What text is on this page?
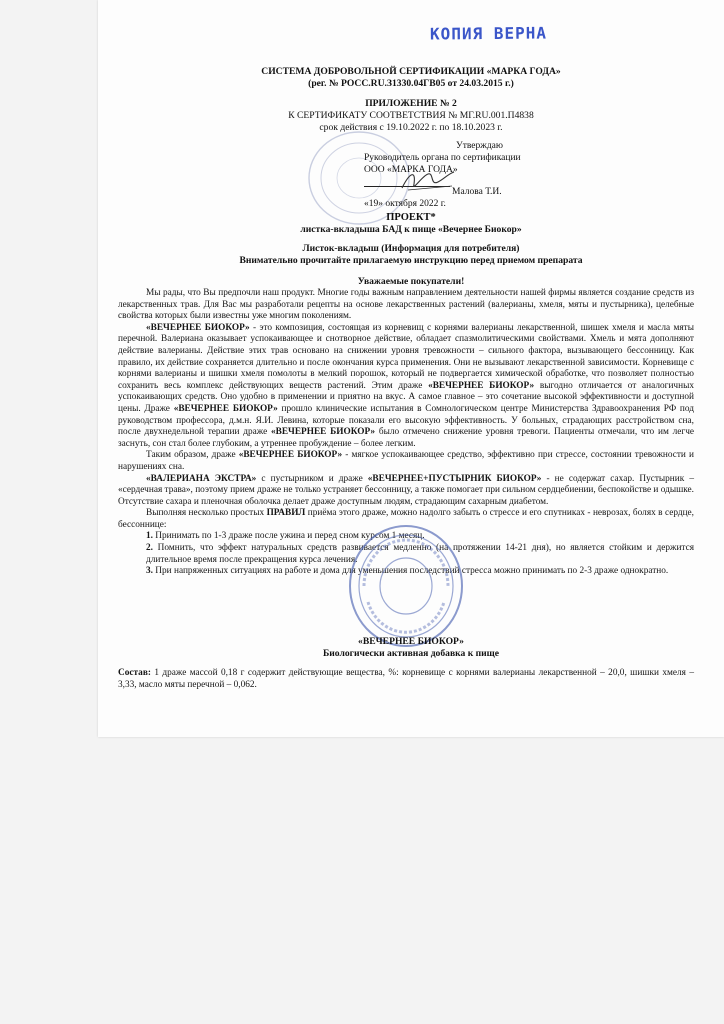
КОПИЯ ВЕРНА
СИСТЕМА ДОБРОВОЛЬНОЙ СЕРТИФИКАЦИИ «МАРКА ГОДА»
(рег. № РОСС.RU.З1330.04ГВ05 от 24.03.2015 г.)
ПРИЛОЖЕНИЕ № 2
К СЕРТИФИКАТУ СООТВЕТСТВИЯ № МГ.RU.001.П4838
срок действия с 19.10.2022 г. по 18.10.2023 г.
Утверждаю
Руководитель органа по сертификации
ООО «МАРКА ГОДА»
Малова Т.И.
«19» октября 2022 г.
ПРОЕКТ*
листка-вкладыша БАД к пище «Вечернее Биокор»
Листок-вкладыш (Информация для потребителя)
Внимательно прочитайте прилагаемую инструкцию перед приемом препарата
Уважаемые покупатели!

Мы рады, что Вы предпочли наш продукт. Многие годы важным направлением деятельности нашей фирмы является создание средств из лекарственных трав. Для Вас мы разработали рецепты на основе лекарственных растений (валерианы, хмеля, мяты и пустырника), целебные свойства которых были известны уже многим поколениям.

«ВЕЧЕРНЕЕ БИОКОР» - это композиция, состоящая из корневищ с корнями валерианы лекарственной, шишек хмеля и масла мяты перечной. Валериана оказывает успокаивающее и снотворное действие, обладает спазмолитическими свойствами. Хмель и мята дополняют действие валерианы. Действие этих трав основано на снижении уровня тревожности – сильного фактора, вызывающего бессонницу. Как правило, их действие сохраняется длительно и после окончания курса применения. Они не вызывают лекарственной зависимости. Корневище с корнями валерианы и шишки хмеля помолоты в мелкий порошок, который не подвергается химической обработке, что позволяет полностью сохранить весь комплекс действующих веществ растений. Этим драже «ВЕЧЕРНЕЕ БИОКОР» выгодно отличается от аналогичных успокаивающих средств. Оно удобно в применении и приятно на вкус. А самое главное – это сочетание высокой эффективности и доступной цены. Драже «ВЕЧЕРНЕЕ БИОКОР» прошло клинические испытания в Сомнологическом центре Министерства Здравоохранения РФ под руководством профессора, д.м.н. Я.И. Левина, которые показали его высокую эффективность. У больных, страдающих расстройством сна, после двухнедельной терапии драже «ВЕЧЕРНЕЕ БИОКОР» было отмечено снижение уровня тревоги. Пациенты отмечали, что им легче заснуть, сон стал более глубоким, а утреннее пробуждение – более легким.

Таким образом, драже «ВЕЧЕРНЕЕ БИОКОР» - мягкое успокаивающее средство, эффективно при стрессе, состоянии тревожности и нарушениях сна.

«ВАЛЕРИАНА ЭКСТРА» с пустырником и драже «ВЕЧЕРНЕЕ+ПУСТЫРНИК БИОКОР» - не содержат сахар. Пустырник – «сердечная трава», поэтому прием драже не только устраняет бессонницу, а также помогает при сильном сердцебиении, беспокойстве и одышке. Отсутствие сахара и пленочная оболочка делает драже доступным людям, страдающим сахарным диабетом.

Выполняя несколько простых ПРАВИЛ приёма этого драже, можно надолго забыть о стрессе и его спутниках - неврозах, болях в сердце, бессоннице:

1. Принимать по 1-3 драже после ужина и перед сном курсом 1 месяц.
2. Помнить, что эффект натуральных средств развивается медленно (на протяжении 14-21 дня), но является стойким и держится длительное время после прекращения курса лечения.
3. При напряженных ситуациях на работе и дома для уменьшения последствий стресса можно принимать по 2-3 драже однократно.
«ВЕЧЕРНЕЕ БИОКОР»
Биологически активная добавка к пище

Состав: 1 драже массой 0,18 г содержит действующие вещества, %: корневище с корнями валерианы лекарственной – 20,0, шишки хмеля – 3,33, масло мяты перечной – 0,062.
